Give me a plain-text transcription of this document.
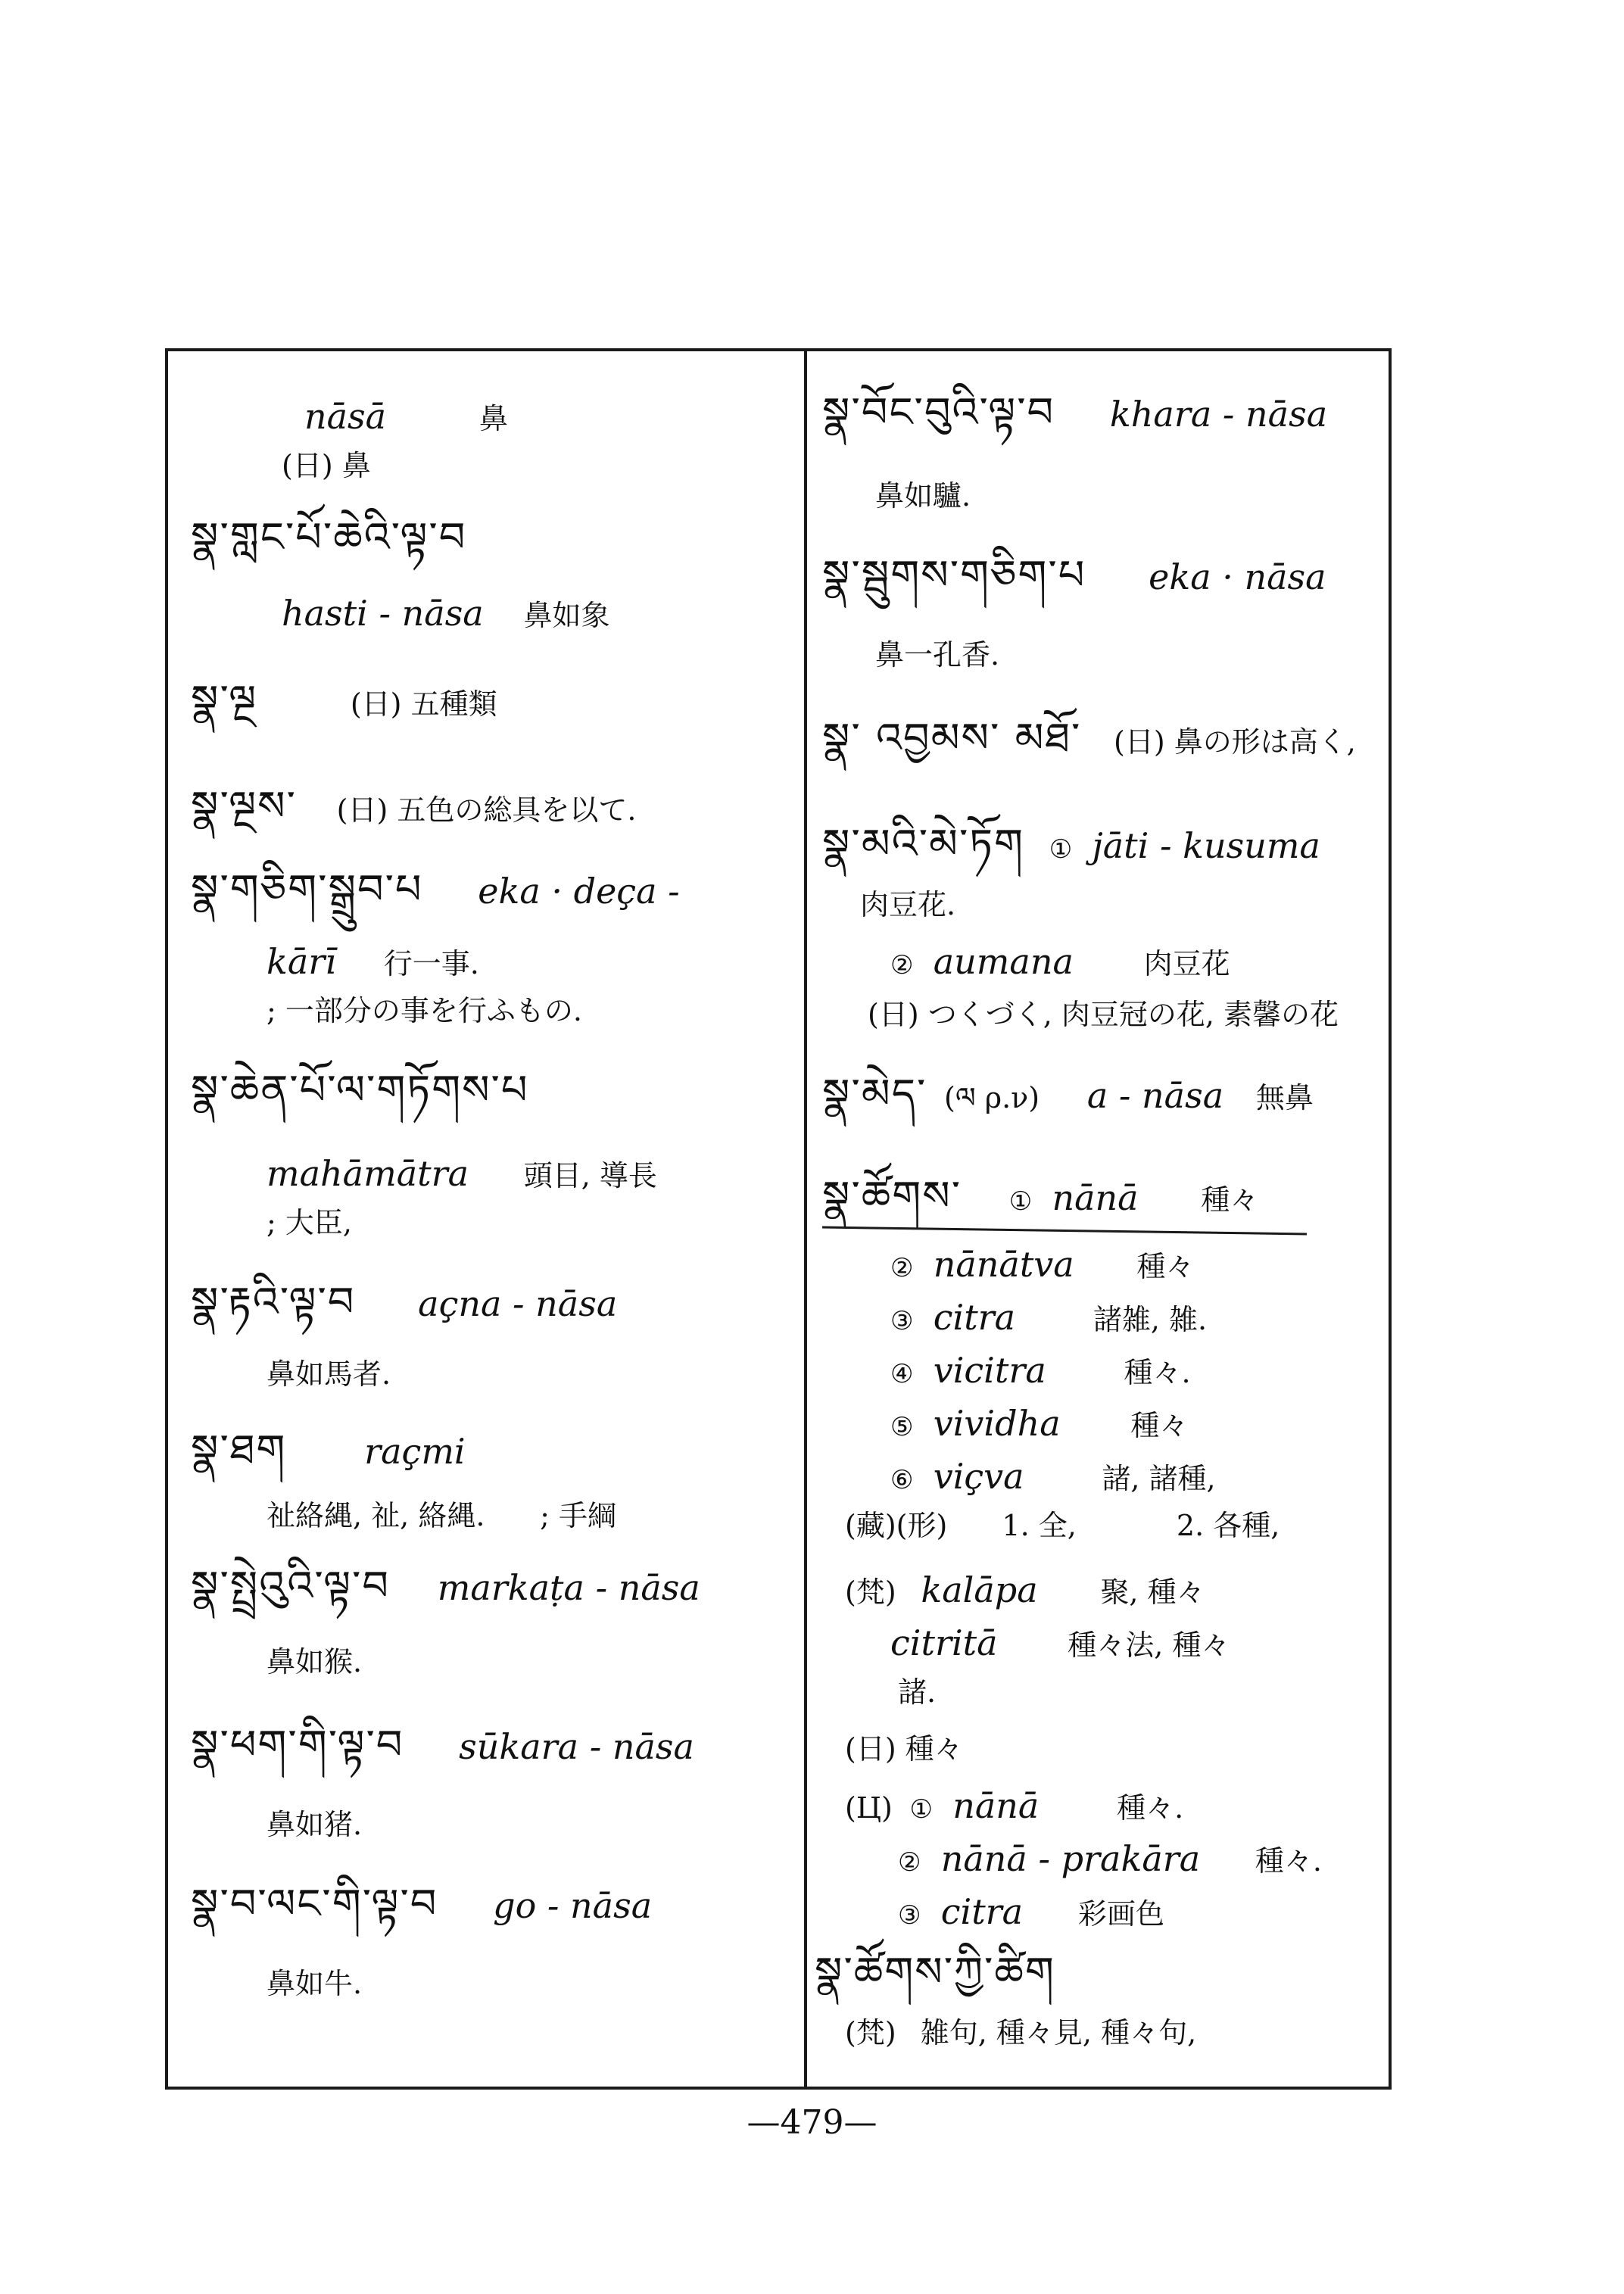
nāsā	鼻
(日) 鼻
སྣ་གླང་པོ་ཆེའི་ལྟ་བ
hasti - nāsa 鼻如象
སྣ་ལྔ	(日) 五種類
སྣ་ལྔས་ (日) 五色の総具を以て.
སྣ་གཅིག་སྒྲུབ་པ eka · deça -
kārī 行一事.
; 一部分の事を行ふもの.
སྣ་ཆེན་པོ་ལ་གཏོགས་པ
mahāmātra 頭目, 導長
; 大臣,
སྣ་རྟའི་ལྟ་བ açna - nāsa
鼻如馬者.
སྣ་ཐག raçmi
祉絡縄, 祉, 絡縄. ; 手綱
སྣ་སྤྲེའུའི་ལྟ་བ markaṭa - nāsa
鼻如猴.
སྣ་ཕག་གི་ལྟ་བ sūkara - nāsa
鼻如猪.
སྣ་བ་ལང་གི་ལྟ་བ go - nāsa
鼻如牛.
སྣ་བོང་བུའི་ལྟ་བ khara - nāsa
鼻如驢.
སྣ་སྦུགས་གཅིག་པ eka · nāsa
鼻一孔香.
སྣ་ འབྱམས་ མཐོ་ (日) 鼻の形は高く,
སྣ་མའི་མེ་ཏོག ① jāti - kusuma
肉豆花.
② aumana 肉豆花
(日) つくづく, 肉豆冠の花, 素馨の花
སྣ་མེད་ (ལ ρ.ν) a - nāsa 無鼻
སྣ་ཚོགས་ ① nānā 種々
② nānātva 種々
③ citra	諸雑, 雑.
④ vicitra	種々.
⑤ vividha 種々
⑥ viçva	諸, 諸種,
(藏)(形) 1. 全,	2. 各種,
(梵) kalāpa 聚, 種々
citritā 種々法, 種々
諸.
(日) 種々
(Ц) ① nānā	種々.
② nānā - prakāra 種々.
③ citra 彩画色
སྣ་ཚོགས་ཀྱི་ཚིག
(梵) 雑句, 種々見, 種々句,
—479—
